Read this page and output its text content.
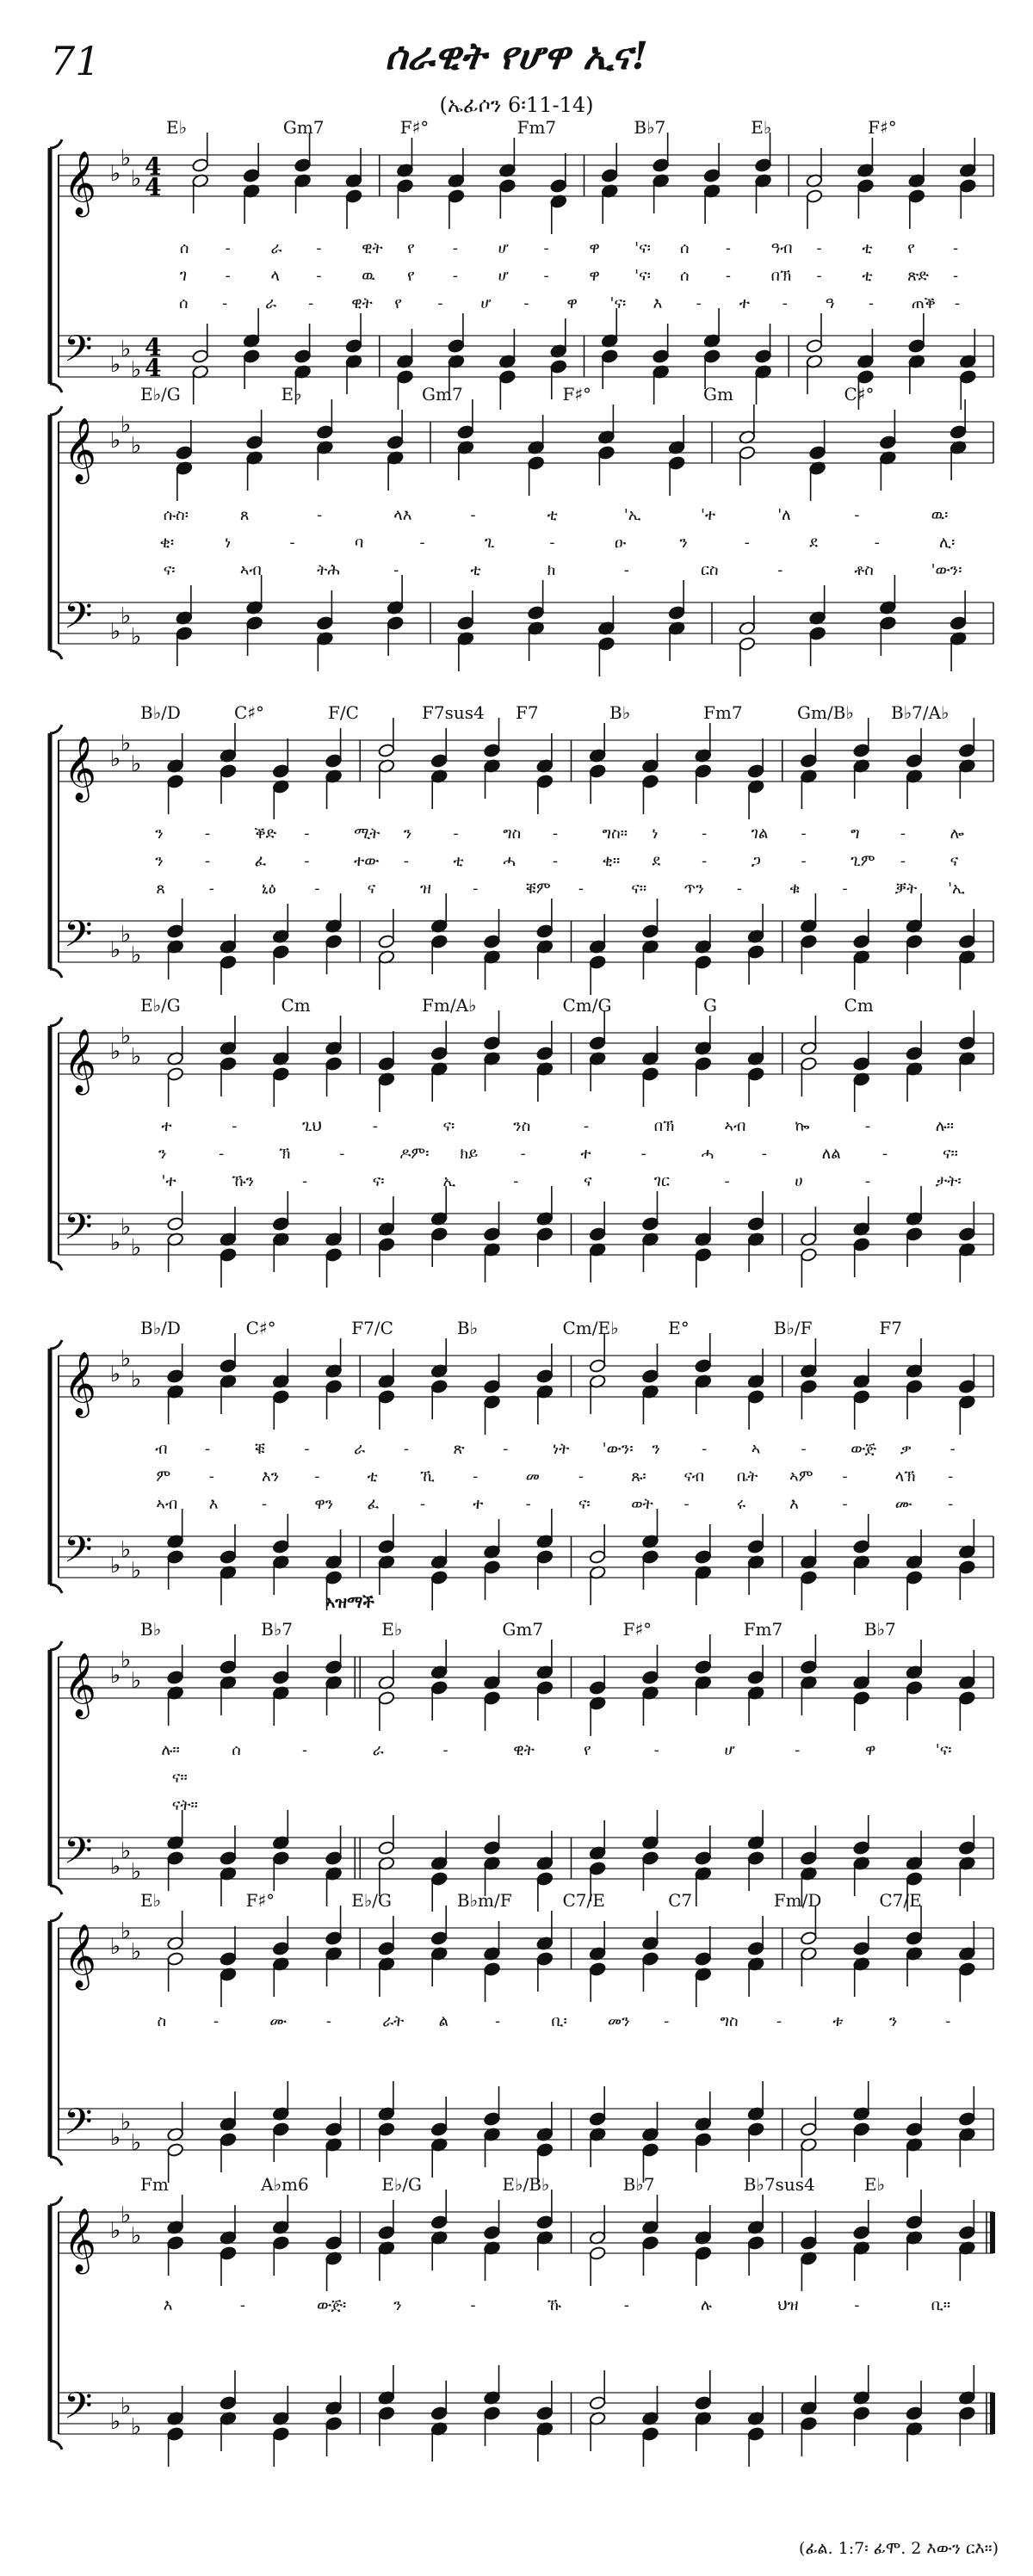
71	ሰራዊት የሆዋ ኢና!
(ኤፊሶን 6፡11-14)
𝄞
𝄢
♭
♭
♭
♭
♭
♭
4
4
4
4
E♭	Gm7	F♯°	Fm7	B♭7	E♭	F♯°
ሰ -	ራ -	ዊት የ -	ሆ -	ዋ 'ና፡ ሰ -	ዓብ -	ቲ የ -
ገ -	ላ -	ዉ የ -	ሆ -	ዋ 'ና፡ ሰ -	በኽ -	ቲ ጽድ -
ሰ - ራ - ዊት የ - ሆ - ዋ 'ና፡ እ - ተ - ዓ - ጠቕ -
𝄞
𝄢
♭
♭
♭
♭
♭
♭
E♭/G	E♭	Gm7	F♯°	Gm	C♯°
ሱስ፡	ጸ	-	ላእ	-	ቲ	'ኢ	'ተ	'ለ	-	ዉ፡
ቂ፡	ነ	-	ባ	-	ጊ	-	ዑ	ን	-	ደ	-	ሊ፡
ና፡	ኣብ	ትሕ	-	ቲ	ክ	-	ርስ	-	ቶስ	'ውን፡
𝄞
𝄢
♭
♭
♭
♭
♭
♭
B♭/D	C♯°	F/C	F7sus4 F7	B♭	Fm7	Gm/B♭ B♭7/A♭
ን	-	ቕድ -	ሚት ን	-	ግስ -	ግስ። ነ	-	ገል -	ግ	-	ሎ
ን	-	ፈ -	ተው -	ቲ	ሓ -	ቂ። ደ	-	ጋ	-	ጊም -	ና
ጸ	-	ኒዕ -	ና	ዝ	-	ቑም -	ና። ጥን -	ቁ	-	ቓት 'ኢ
𝄞
𝄢
♭
♭
♭
♭
♭
♭
E♭/G	Cm	Fm/A♭	Cm/G	G	Cm
ተ	-	ጊህ	-	ና፡	ንስ	-	በኽ	ኣብ	ኰ	-	ሉ።
ን	-	ኽ	-	ዶም፡ ክይ	-	ተ	-	ሓ	-	ለል	-	ና።
'ተ	ኹን	-	ና፡	ኢ	-	ና	ገር	-	ሀ	-	ታት፡
𝄞
𝄢
♭
♭
♭
♭
♭
♭
B♭/D	C♯°	F7/C	B♭	Cm/E♭	E°	B♭/F	F7
ብ -	ቑ	-	ራ -	ጽ -	ነት 'ውን፡ ን	-	ኣ	-	ውጅ ቃ -
ም -	እን -	ቲ	ኺ -	መ	-	ጹ፡ ናብ ቤት ኣም -	ላኽ -
ኣብ እ	-	ዋን ፈ	-	ተ	-	ና፡	ወት -	ሩ	እ	-	ሙ -
𝄞
𝄢
♭
♭
♭
♭
♭
♭
B♭	B♭7	E♭	Gm7	F♯°	Fm7	B♭7
ኣዝማች
ሉ።	ሰ	-	ራ	-	ዊት	የ	-	ሆ	-	ዋ	'ና፡
ና።
ናት።
𝄞
𝄢
♭
♭
♭
♭
♭
♭
E♭	F♯°	E♭/G	B♭m/F	C7/E	C7	Fm/D	C7/E
ስ	-	ሙ	-	ራት ል	-	ቢ፡	መን -	ግስ -	ቱ	ን	-
𝄞
𝄢
♭
♭
♭
♭
♭
♭
Fm	A♭m6	E♭/G	E♭/B♭	B♭7	B♭7sus4	E♭
እ	-	ውጅ፡	ን	-	ኹ	-	ሉ	ህዝ	-	ቢ።
(ፊል. 1:7፡ ፊሞ. 2 እውን ርእ።)
